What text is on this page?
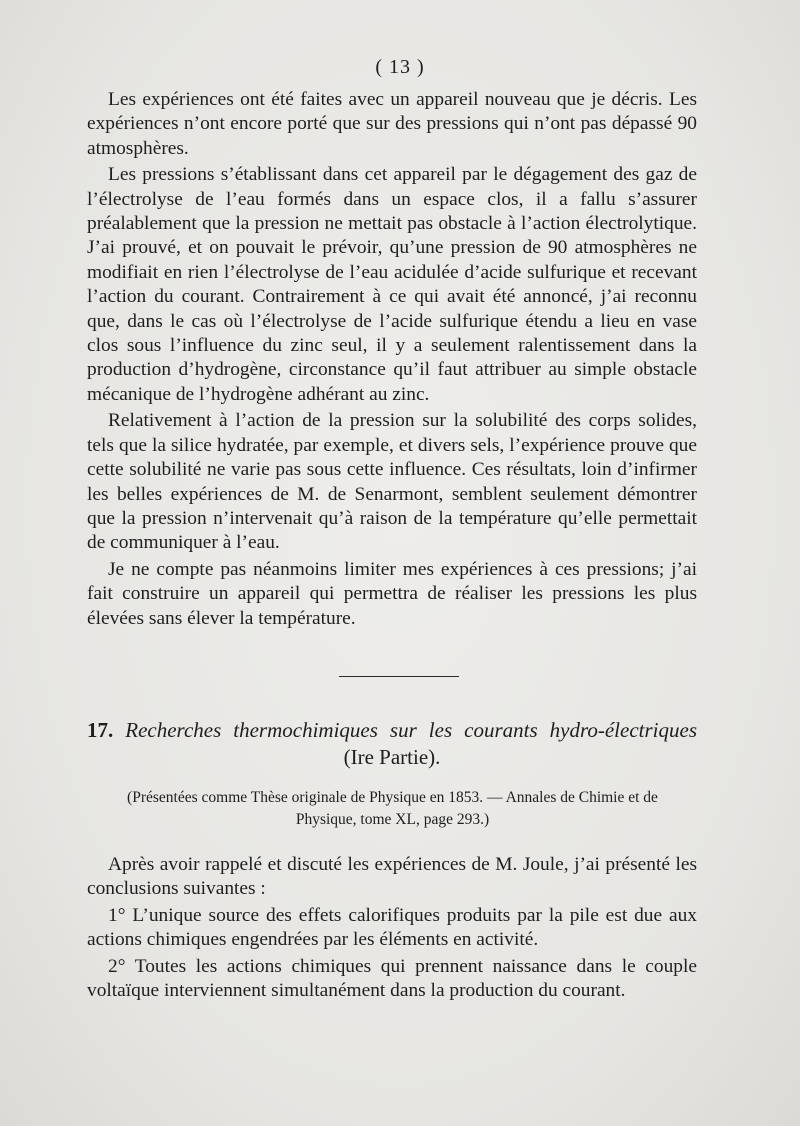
( 13 )

Les expériences ont été faites avec un appareil nouveau que je décris. Les expériences n’ont encore porté que sur des pressions qui n’ont pas dépassé 90 atmosphères.

Les pressions s’établissant dans cet appareil par le dégagement des gaz de l’électrolyse de l’eau formés dans un espace clos, il a fallu s’assurer préalablement que la pression ne mettait pas obstacle à l’action électrolytique. J’ai prouvé, et on pouvait le prévoir, qu’une pression de 90 atmosphères ne modifiait en rien l’électrolyse de l’eau acidulée d’acide sulfurique et recevant l’action du courant. Contrairement à ce qui avait été annoncé, j’ai reconnu que, dans le cas où l’électrolyse de l’acide sulfurique étendu a lieu en vase clos sous l’influence du zinc seul, il y a seulement ralentissement dans la production d’hydrogène, circonstance qu’il faut attribuer au simple obstacle mécanique de l’hydrogène adhérant au zinc.

Relativement à l’action de la pression sur la solubilité des corps solides, tels que la silice hydratée, par exemple, et divers sels, l’expérience prouve que cette solubilité ne varie pas sous cette influence. Ces résultats, loin d’infirmer les belles expériences de M. de Senarmont, semblent seulement démontrer que la pression n’intervenait qu’à raison de la température qu’elle permettait de communiquer à l’eau.

Je ne compte pas néanmoins limiter mes expériences à ces pressions; j’ai fait construire un appareil qui permettra de réaliser les pressions les plus élevées sans élever la température.

17. Recherches thermochimiques sur les courants hydro-électriques
(Ire Partie).
(Présentées comme Thèse originale de Physique en 1853. — Annales de Chimie et de Physique, tome XL, page 293.)

Après avoir rappelé et discuté les expériences de M. Joule, j’ai présenté les conclusions suivantes :

1° L’unique source des effets calorifiques produits par la pile est due aux actions chimiques engendrées par les éléments en activité.

2° Toutes les actions chimiques qui prennent naissance dans le couple voltaïque interviennent simultanément dans la production du courant.
